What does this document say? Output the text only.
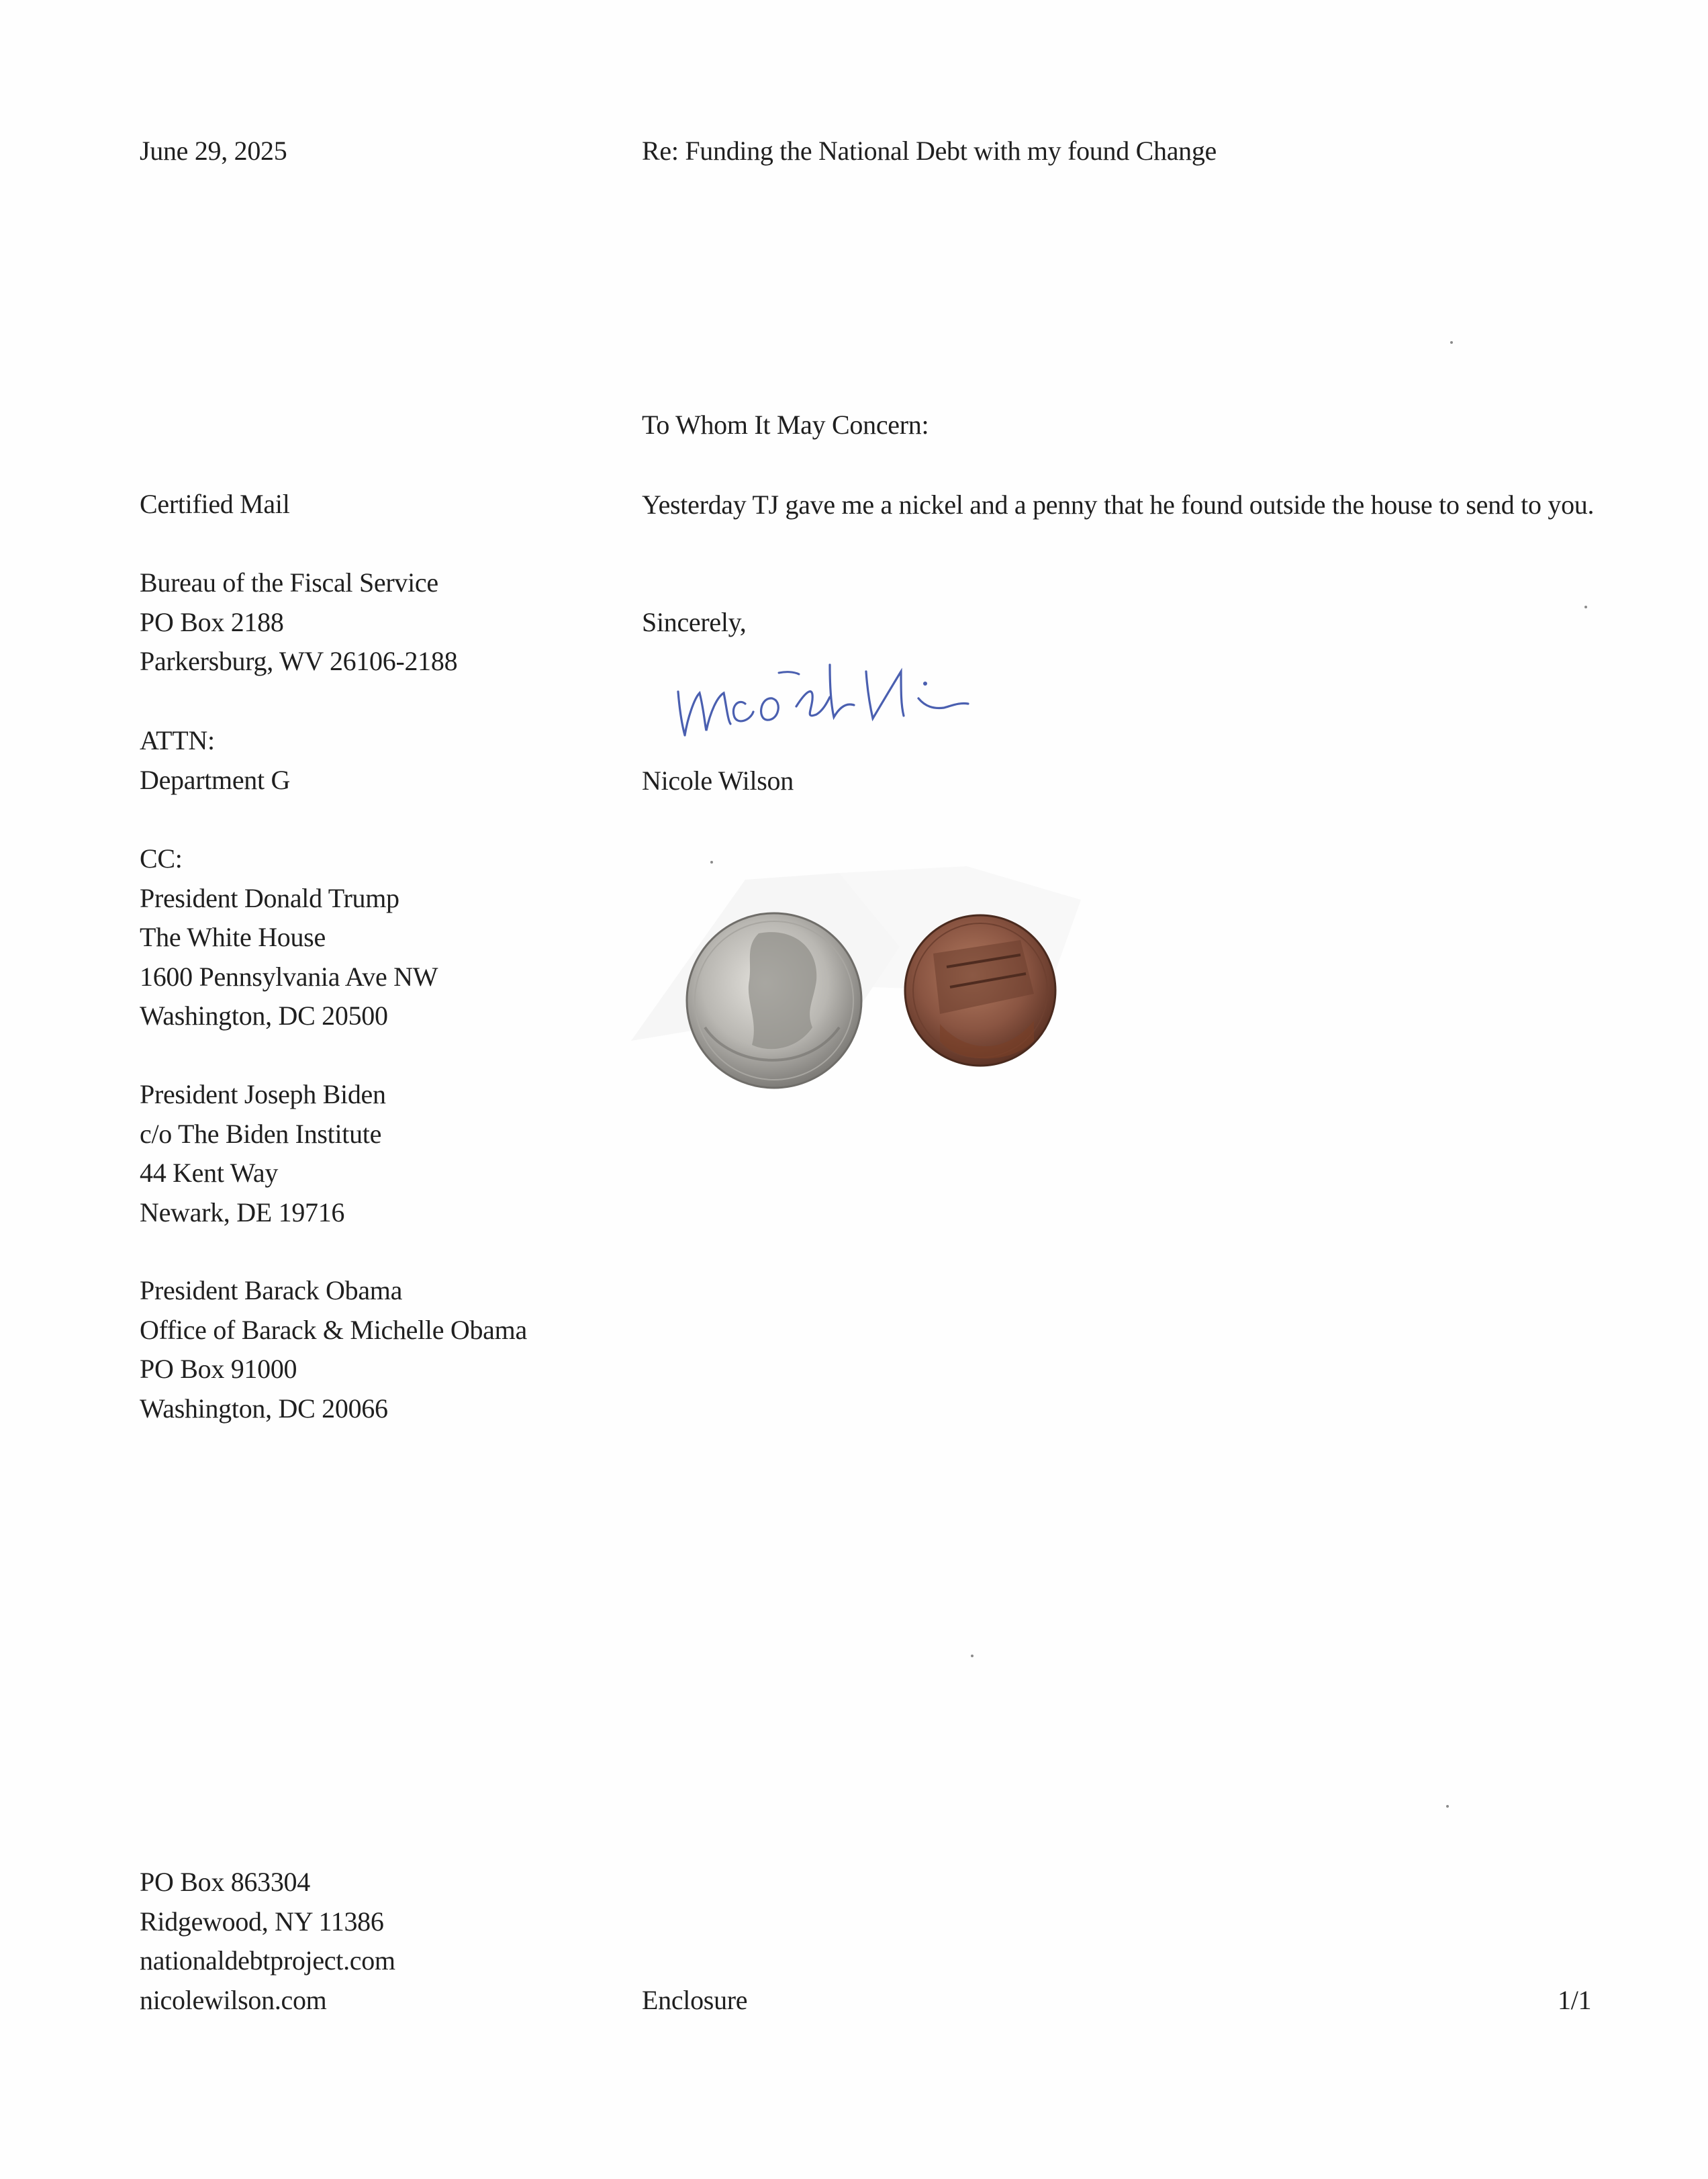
June 29, 2025	Re: Funding the National Debt with my found Change
To Whom It May Concern:
Yesterday TJ gave me a nickel and a penny that he found outside the house to send to you.
Sincerely,
Nicole Wilson
Certified Mail
Bureau of the Fiscal Service
PO Box 2188
Parkersburg, WV 26106-2188
ATTN:
Department G
CC:
President Donald Trump
The White House
1600 Pennsylvania Ave NW
Washington, DC 20500
President Joseph Biden
c/o The Biden Institute
44 Kent Way
Newark, DE 19716
President Barack Obama
Office of Barack & Michelle Obama
PO Box 91000
Washington, DC 20066
PO Box 863304
Ridgewood, NY 11386
nationaldebtproject.com
nicolewilson.com	Enclosure	1/1
